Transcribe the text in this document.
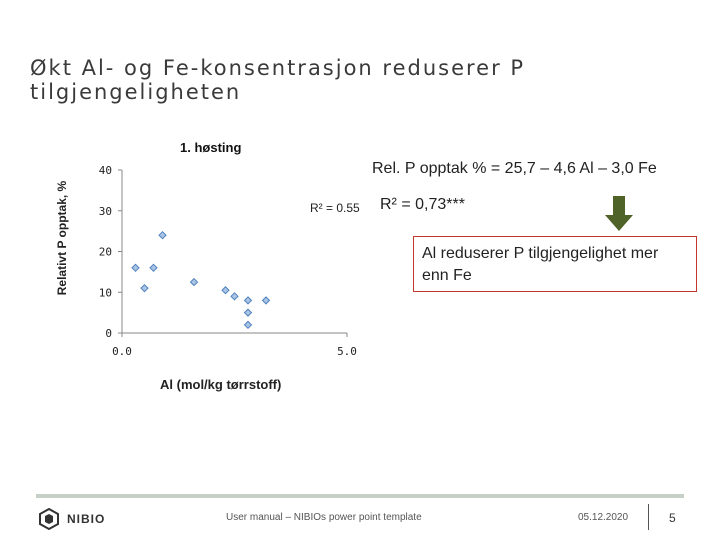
Økt Al- og Fe-konsentrasjon reduserer P tilgjengeligheten
0
10
20
30
40
0.0	5.0
1. høsting
Relativt P opptak, %
Al (mol/kg tørrstoff)
R² = 0.55
Rel. P opptak % = 25,7 – 4,6 Al – 3,0 Fe
R² = 0,73***
Al reduserer P tilgjengelighet mer enn Fe
NIBIO	User manual – NIBIOs power point template	05.12.2020	5
